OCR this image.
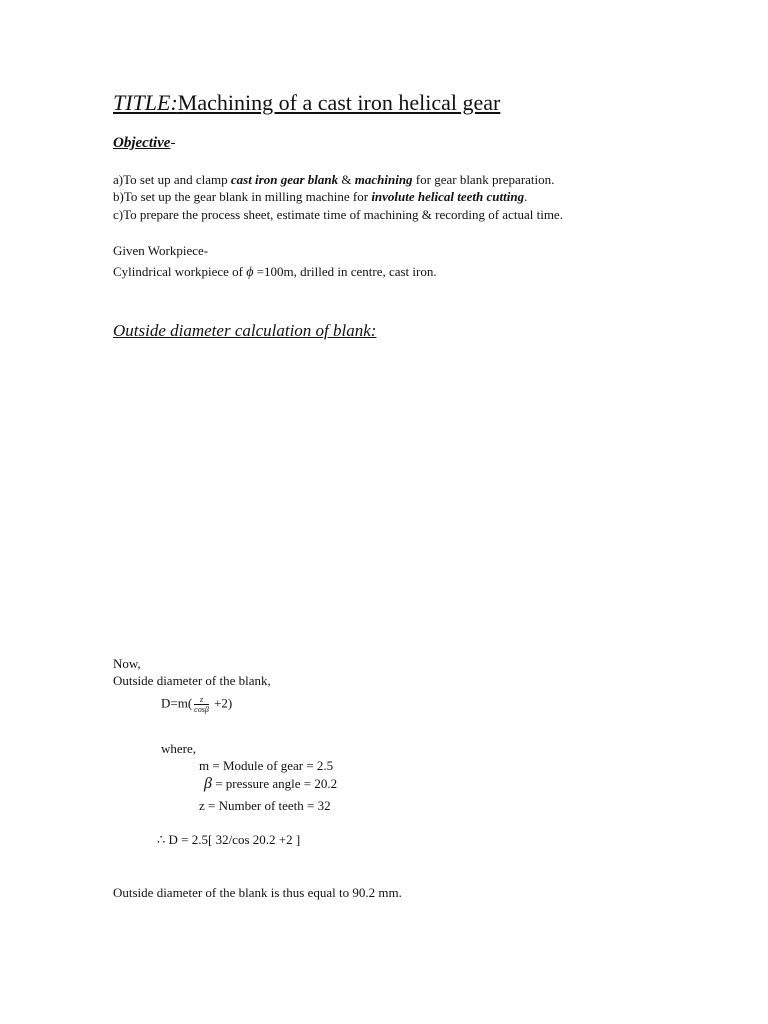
TITLE:Machining of a cast iron helical gear
Objective-
a)To set up and clamp cast iron gear blank & machining for gear blank preparation.
b)To set up the gear blank in milling machine for involute helical teeth cutting.
c)To prepare the process sheet, estimate time of machining & recording of actual time.
Given Workpiece-
Cylindrical workpiece of ϕ =100m, drilled in centre, cast iron.
Outside diameter calculation of blank:
Now,
Outside diameter of the blank,
$D=m( \frac{z}{\cos\beta} +2)$
where,
m = Module of gear = 2.5
β = pressure angle = 20.2
z = Number of teeth = 32
∴ D = 2.5[ 32/cos 20.2 +2 ]
Outside diameter of the blank is thus equal to 90.2 mm.
